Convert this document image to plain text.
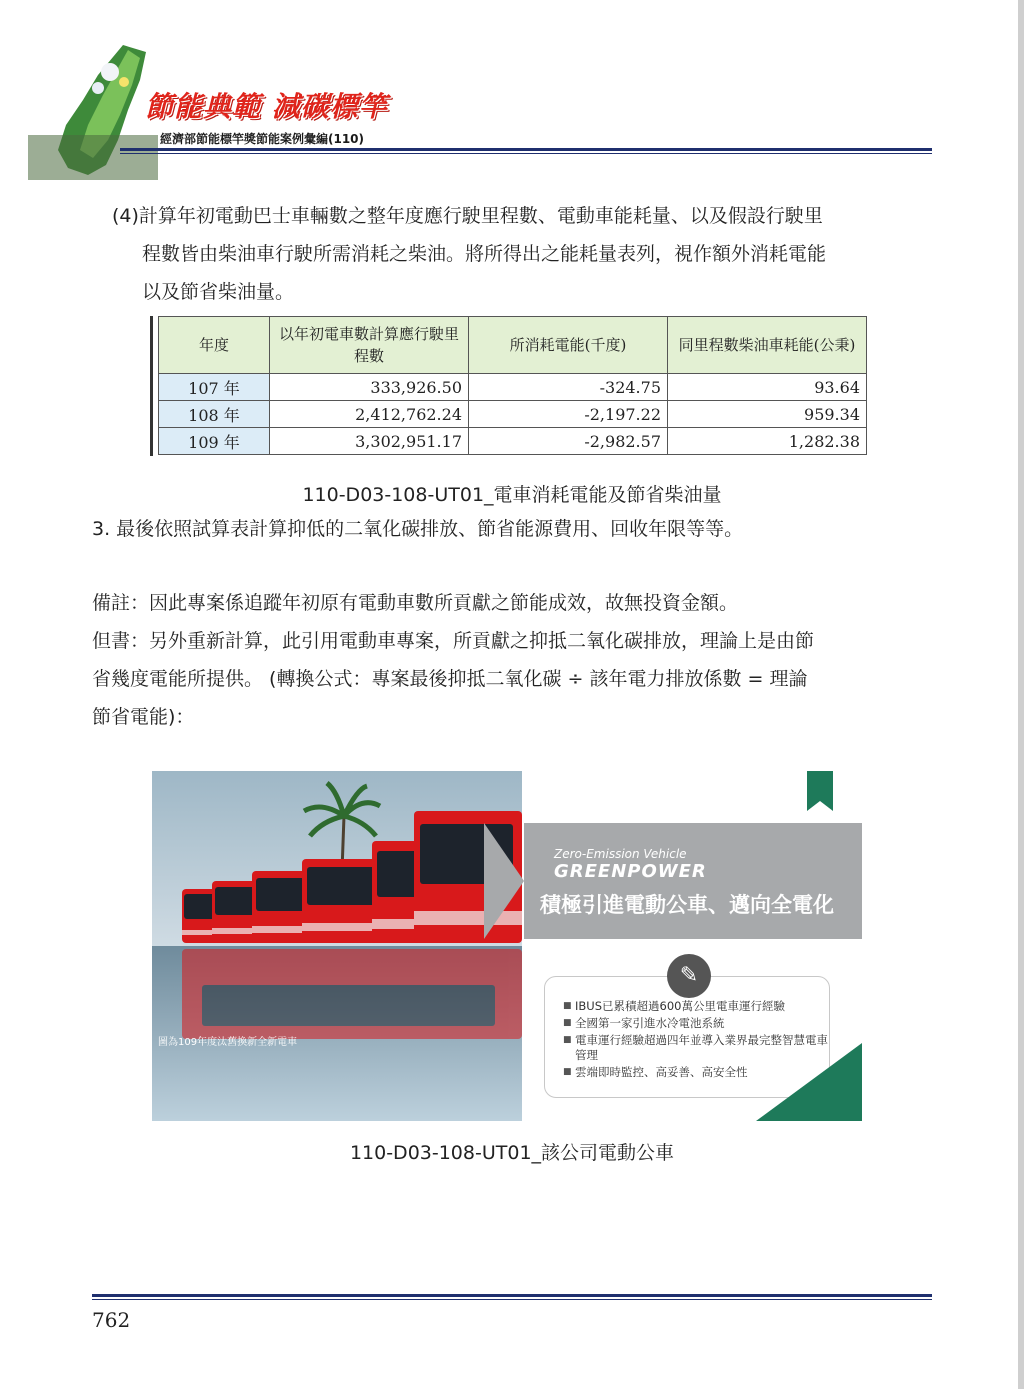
節能典範 減碳標竿
經濟部節能標竿獎節能案例彙編(110)
(4)計算年初電動巴士車輛數之整年度應行駛里程數、電動車能耗量、以及假設行駛里
程數皆由柴油車行駛所需消耗之柴油。將所得出之能耗量表列，視作額外消耗電能
以及節省柴油量。
年度	以年初電車數計算應行駛里程數	所消耗電能(千度)	同里程數柴油車耗能(公秉)
107 年	333,926.50	-324.75	93.64
108 年	2,412,762.24	-2,197.22	959.34
109 年	3,302,951.17	-2,982.57	1,282.38
110-D03-108-UT01_電車消耗電能及節省柴油量
3. 最後依照試算表計算抑低的二氧化碳排放、節省能源費用、回收年限等等。
備註：因此專案係追蹤年初原有電動車數所貢獻之節能成效，故無投資金額。
但書：另外重新計算，此引用電動車專案，所貢獻之抑抵二氧化碳排放，理論上是由節
省幾度電能所提供。 (轉換公式：專案最後抑抵二氧化碳 ÷ 該年電力排放係數 = 理論
節省電能)：
圖為109年度汰舊換新全新電車
Zero-Emission Vehicle
GREENPOWER
積極引進電動公車、邁向全電化
■ IBUS已累積超過600萬公里電車運行經驗
■ 全國第一家引進水冷電池系統
■ 電車運行經驗超過四年並導入業界最完整智慧電車管理
■ 雲端即時監控、高妥善、高安全性
✎
110-D03-108-UT01_該公司電動公車
762
